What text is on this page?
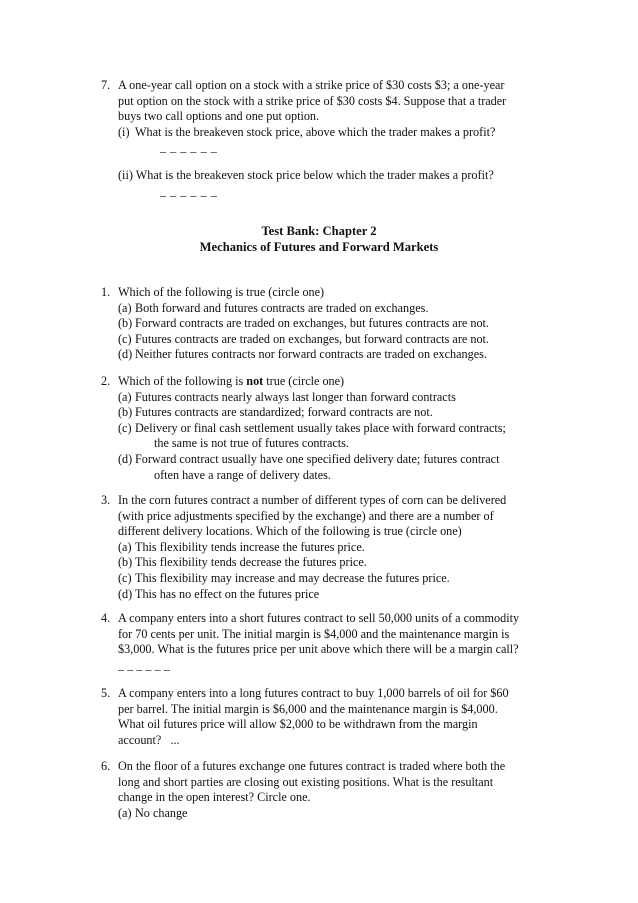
7. A one-year call option on a stock with a strike price of $30 costs $3; a one-year
put option on the stock with a strike price of $30 costs $4. Suppose that a trader
buys two call options and one put option.
(i) What is the breakeven stock price, above which the trader makes a profit?
_ _ _ _ _ _
(ii) What is the breakeven stock price below which the trader makes a profit?
_ _ _ _ _ _
Test Bank: Chapter 2
Mechanics of Futures and Forward Markets
1. Which of the following is true (circle one)
(a) Both forward and futures contracts are traded on exchanges.
(b) Forward contracts are traded on exchanges, but futures contracts are not.
(c) Futures contracts are traded on exchanges, but forward contracts are not.
(d) Neither futures contracts nor forward contracts are traded on exchanges.
2. Which of the following is not true (circle one)
(a) Futures contracts nearly always last longer than forward contracts
(b) Futures contracts are standardized; forward contracts are not.
(c) Delivery or final cash settlement usually takes place with forward contracts;
the same is not true of futures contracts.
(d) Forward contract usually have one specified delivery date; futures contract
often have a range of delivery dates.
3. In the corn futures contract a number of different types of corn can be delivered
(with price adjustments specified by the exchange) and there are a number of
different delivery locations. Which of the following is true (circle one)
(a) This flexibility tends increase the futures price.
(b) This flexibility tends decrease the futures price.
(c) This flexibility may increase and may decrease the futures price.
(d) This has no effect on the futures price
4. A company enters into a short futures contract to sell 50,000 units of a commodity
for 70 cents per unit. The initial margin is $4,000 and the maintenance margin is
$3,000. What is the futures price per unit above which there will be a margin call?
_ _ _ _ _ _
5. A company enters into a long futures contract to buy 1,000 barrels of oil for $60
per barrel. The initial margin is $6,000 and the maintenance margin is $4,000.
What oil futures price will allow $2,000 to be withdrawn from the margin
account?   ...
6. On the floor of a futures exchange one futures contract is traded where both the
long and short parties are closing out existing positions. What is the resultant
change in the open interest? Circle one.
(a) No change
